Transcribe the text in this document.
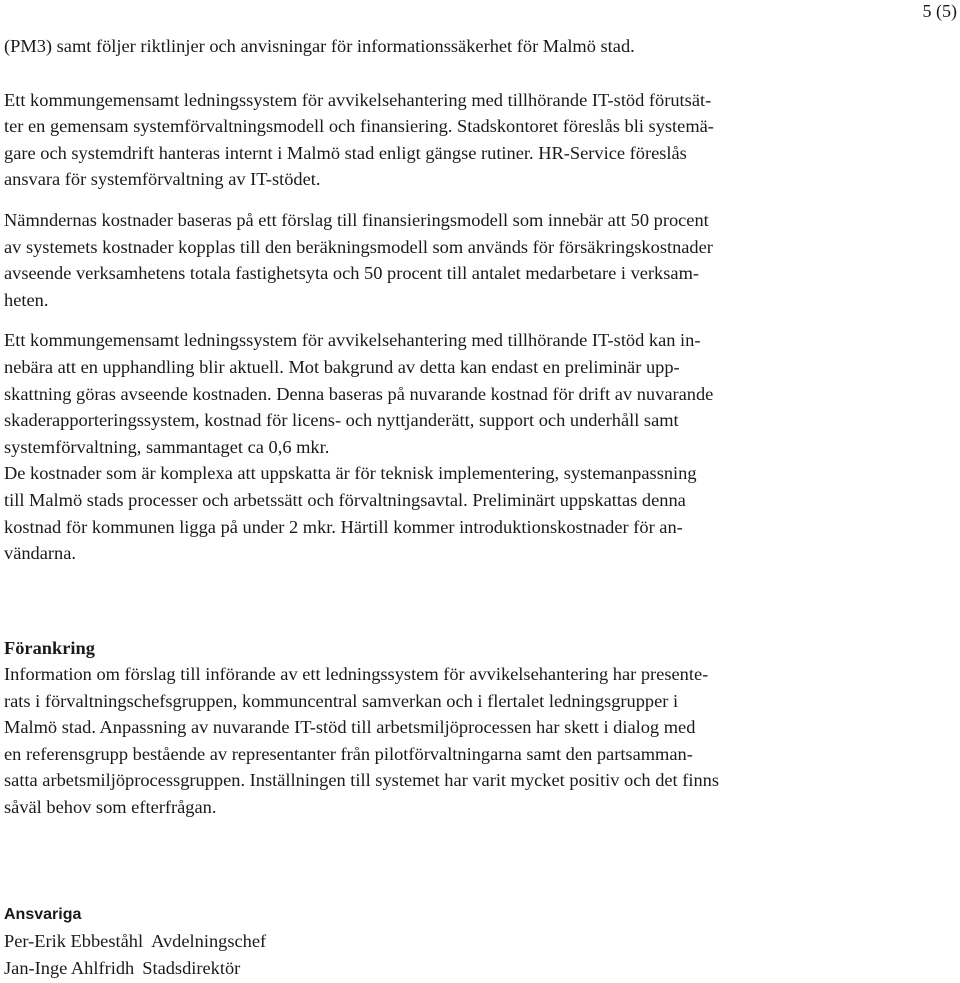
5 (5)
(PM3) samt följer riktlinjer och anvisningar för informationssäkerhet för Malmö stad.
Ett kommungemensamt ledningssystem för avvikelsehantering med tillhörande IT-stöd förutsät-
ter en gemensam systemförvaltningsmodell och finansiering. Stadskontoret föreslås bli systemä-
gare och systemdrift hanteras internt i Malmö stad enligt gängse rutiner. HR-Service föreslås
ansvara för systemförvaltning av IT-stödet.
Nämndernas kostnader baseras på ett förslag till finansieringsmodell som innebär att 50 procent
av systemets kostnader kopplas till den beräkningsmodell som används för försäkringskostnader
avseende verksamhetens totala fastighetsyta och 50 procent till antalet medarbetare i verksam-
heten.
Ett kommungemensamt ledningssystem för avvikelsehantering med tillhörande IT-stöd kan in-
nebära att en upphandling blir aktuell. Mot bakgrund av detta kan endast en preliminär upp-
skattning göras avseende kostnaden. Denna baseras på nuvarande kostnad för drift av nuvarande
skaderapporteringssystem, kostnad för licens- och nyttjanderätt, support och underhåll samt
systemförvaltning, sammantaget ca 0,6 mkr.
De kostnader som är komplexa att uppskatta är för teknisk implementering, systemanpassning
till Malmö stads processer och arbetssätt och förvaltningsavtal. Preliminärt uppskattas denna
kostnad för kommunen ligga på under 2 mkr. Härtill kommer introduktionskostnader för an-
vändarna.
Förankring
Information om förslag till införande av ett ledningssystem för avvikelsehantering har presente-
rats i förvaltningschefsgruppen, kommuncentral samverkan och i flertalet ledningsgrupper i
Malmö stad. Anpassning av nuvarande IT-stöd till arbetsmiljöprocessen har skett i dialog med
en referensgrupp bestående av representanter från pilotförvaltningarna samt den partsamman-
satta arbetsmiljöprocessgruppen. Inställningen till systemet har varit mycket positiv och det finns
såväl behov som efterfrågan.
Ansvariga
Per-Erik Ebbeståhl Avdelningschef
Jan-Inge Ahlfridh Stadsdirektör
